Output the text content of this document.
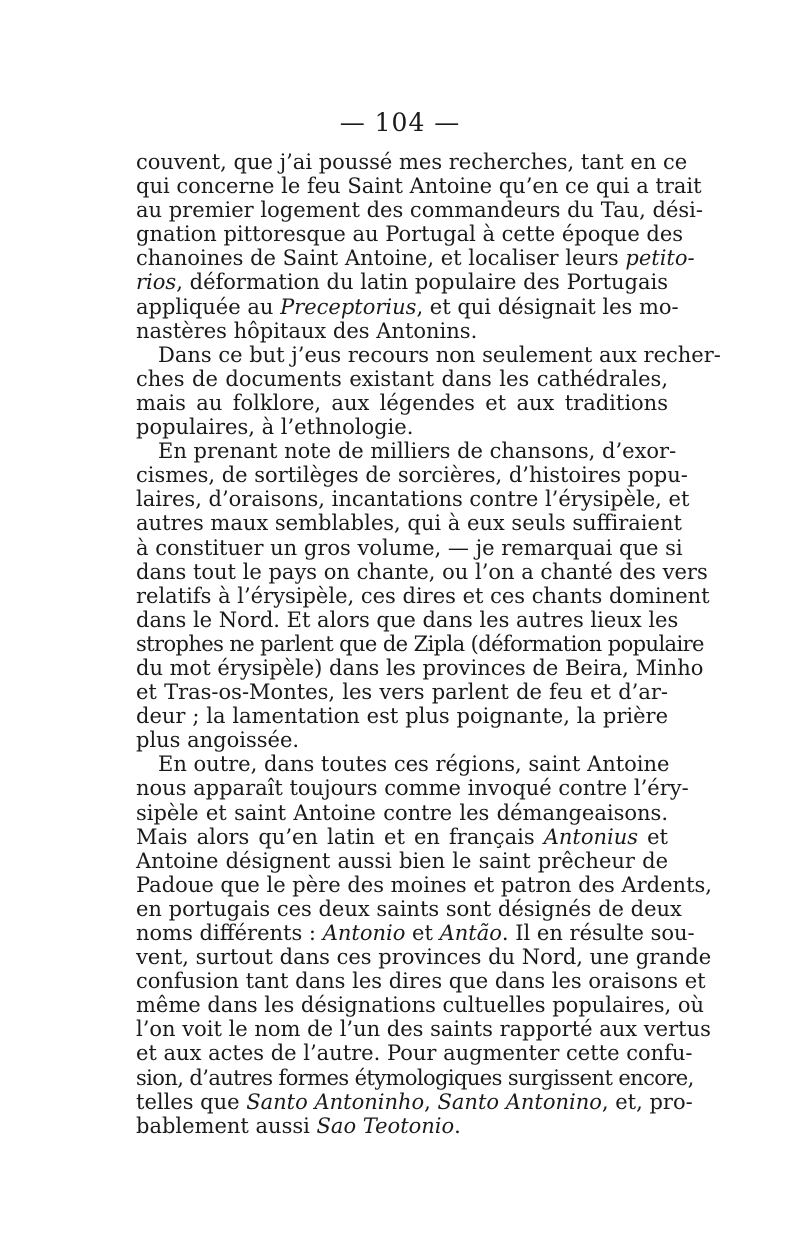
— 104 —
couvent, que j’ai poussé mes recherches, tant en ce
qui concerne le feu Saint Antoine qu’en ce qui a trait
au premier logement des commandeurs du Tau, dési-
gnation pittoresque au Portugal à cette époque des
chanoines de Saint Antoine, et localiser leurs petito-
rios, déformation du latin populaire des Portugais
appliquée au Preceptorius, et qui désignait les mo-
nastères hôpitaux des Antonins.
Dans ce but j’eus recours non seulement aux recher-
ches de documents existant dans les cathédrales,
mais au folklore, aux légendes et aux traditions
populaires, à l’ethnologie.
En prenant note de milliers de chansons, d’exor-
cismes, de sortilèges de sorcières, d’histoires popu-
laires, d’oraisons, incantations contre l’érysipèle, et
autres maux semblables, qui à eux seuls suffiraient
à constituer un gros volume, — je remarquai que si
dans tout le pays on chante, ou l’on a chanté des vers
relatifs à l’érysipèle, ces dires et ces chants dominent
dans le Nord. Et alors que dans les autres lieux les
strophes ne parlent que de Zipla (déformation populaire
du mot érysipèle) dans les provinces de Beira, Minho
et Tras-os-Montes, les vers parlent de feu et d’ar-
deur ; la lamentation est plus poignante, la prière
plus angoissée.
En outre, dans toutes ces régions, saint Antoine
nous apparaît toujours comme invoqué contre l’éry-
sipèle et saint Antoine contre les démangeaisons.
Mais alors qu’en latin et en français Antonius et
Antoine désignent aussi bien le saint prêcheur de
Padoue que le père des moines et patron des Ardents,
en portugais ces deux saints sont désignés de deux
noms différents : Antonio et Antão. Il en résulte sou-
vent, surtout dans ces provinces du Nord, une grande
confusion tant dans les dires que dans les oraisons et
même dans les désignations cultuelles populaires, où
l’on voit le nom de l’un des saints rapporté aux vertus
et aux actes de l’autre. Pour augmenter cette confu-
sion, d’autres formes étymologiques surgissent encore,
telles que Santo Antoninho, Santo Antonino, et, pro-
bablement aussi Sao Teotonio.
